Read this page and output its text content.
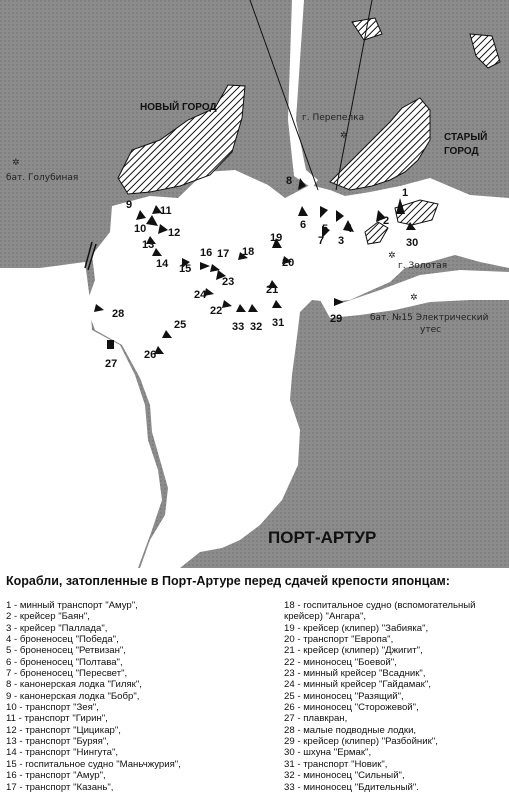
НОВЫЙ ГОРОД
СТАРЫЙ
ГОРОД
г. Перепелка
бат. Голубиная
г. Золотая
бат. №15 Электрический
утес
ПОРТ-АРТУР
✲
✲
✲
✲
1
2
3
4
5
6
7
8
9
10
11
12
13
14 15
16 17 18
19
20
21
22
23
24
25
26
27
28	29
30
31
32
33
Корабли, затопленные в Порт-Артуре перед сдачей крепости японцам:
1 - минный транспорт "Амур",
2 - крейсер "Баян",
3 - крейсер "Паллада",
4 - броненосец "Победа",
5 - броненосец "Ретвизан",
6 - броненосец "Полтава",
7 - броненосец "Пересвет",
8 - канонерская лодка "Гиляк",
9 - канонерская лодка "Бобр",
10 - транспорт "Зея",
11 - транспорт "Гирин",
12 - транспорт "Цицикар",
13 - транспорт "Буряя",
14 - транспорт "Нингута",
15 - госпитальное судно "Маньчжурия",
16 - транспорт "Амур",
17 - транспорт "Казань",
18 - госпитальное судно (вспомогательный крейсер) "Ангара",
19 - крейсер (клипер) "Забияка",
20 - транспорт "Европа",
21 - крейсер (клипер) "Джигит",
22 - миноносец "Боевой",
23 - минный крейсер "Всадник",
24 - минный крейсер "Гайдамак",
25 - миноносец "Разящий",
26 - миноносец "Сторожевой",
27 - плавкран,
28 - малые подводные лодки,
29 - крейсер (клипер) "Разбойник",
30 - шхуна "Ермак",
31 - транспорт "Новик",
32 - миноносец "Сильный",
33 - миноносец "Бдительный".
